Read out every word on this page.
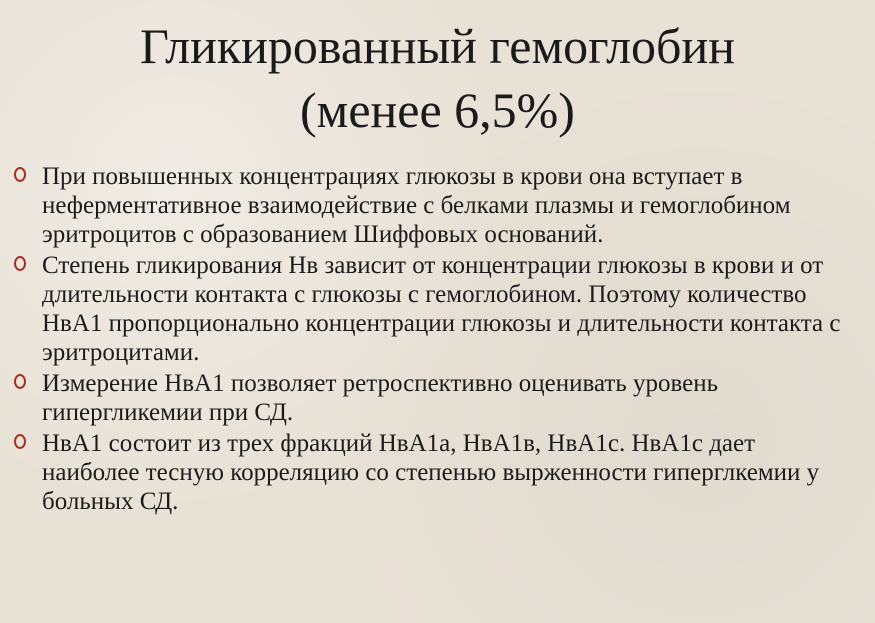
Гликированный гемоглобин
(менее 6,5%)
При повышенных концентрациях глюкозы в крови она вступает в неферментативное взаимодействие с белками плазмы и гемоглобином эритроцитов с образованием Шиффовых оснований.
Степень гликирования Нв зависит от концентрации глюкозы в крови и от длительности контакта с глюкозы с гемоглобином. Поэтому количество НвА1 пропорционально концентрации глюкозы и длительности контакта с эритроцитами.
Измерение НвА1 позволяет ретроспективно оценивать уровень гипергликемии при СД.
НвА1 состоит из трех фракций НвА1а, НвА1в, НвА1с. НвА1с дает наиболее тесную корреляцию со степенью вырженности гиперглкемии у больных СД.
